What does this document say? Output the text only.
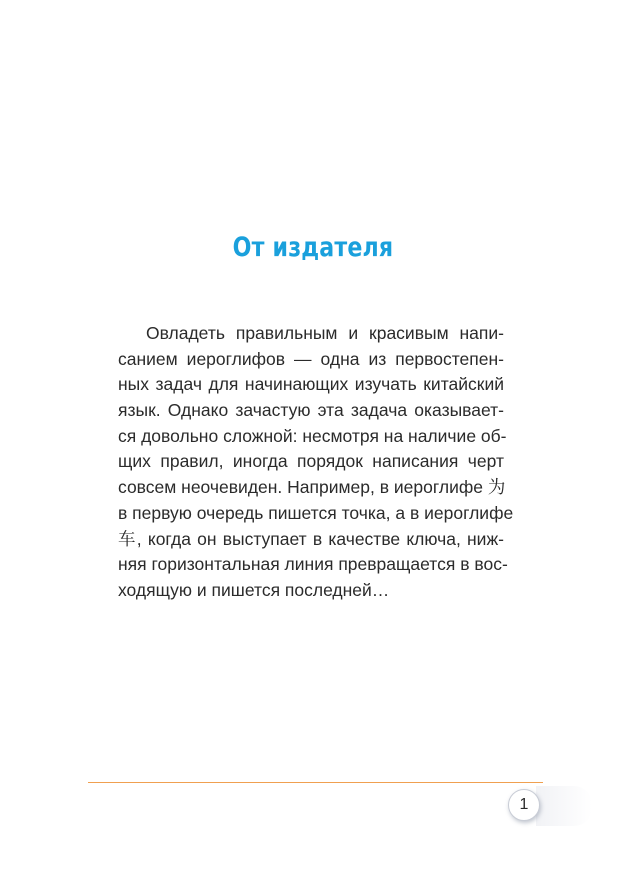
От издателя

Овладеть правильным и красивым напи-
санием иероглифов — одна из первостепен-
ных задач для начинающих изучать китайский
язык. Однако зачастую эта задача оказывает-
ся довольно сложной: несмотря на наличие об-
щих правил, иногда порядок написания черт
совсем неочевиден. Например, в иероглифе 为
в первую очередь пишется точка, а в иероглифе
车, когда он выступает в качестве ключа, ниж-
няя горизонтальная линия превращается в вос-
ходящую и пишется последней…

1
